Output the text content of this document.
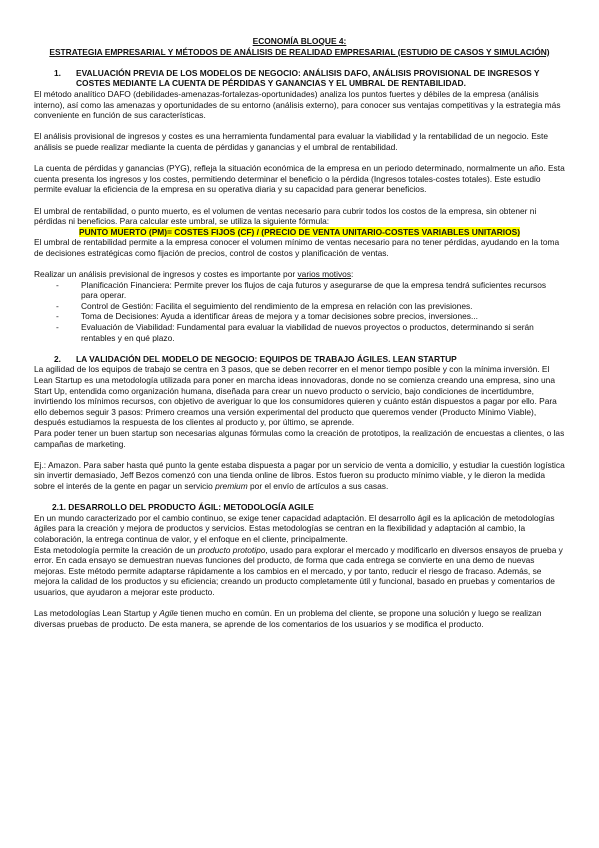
ECONOMÍA BLOQUE 4:

ESTRATEGIA EMPRESARIAL Y MÉTODOS DE ANÁLISIS DE REALIDAD EMPRESARIAL (ESTUDIO DE CASOS Y SIMULACIÓN)

1.	EVALUACIÓN PREVIA DE LOS MODELOS DE NEGOCIO: ANÁLISIS DAFO, ANÁLISIS PROVISIONAL DE INGRESOS Y COSTES MEDIANTE LA CUENTA DE PÉRDIDAS Y GANANCIAS Y EL UMBRAL DE RENTABILIDAD.

El método analítico DAFO (debilidades-amenazas-fortalezas-oportunidades) analiza los puntos fuertes y débiles de la empresa (análisis interno), así como las amenazas y oportunidades de su entorno (análisis externo), para conocer sus ventajas competitivas y la estrategia más conveniente en función de sus características.

El análisis provisional de ingresos y costes es una herramienta fundamental para evaluar la viabilidad y la rentabilidad de un negocio. Este análisis se puede realizar mediante la cuenta de pérdidas y ganancias y el umbral de rentabilidad.

La cuenta de pérdidas y ganancias (PYG), refleja la situación económica de la empresa en un periodo determinado, normalmente un año. Esta cuenta presenta los ingresos y los costes, permitiendo determinar el beneficio o la pérdida (Ingresos totales-costes totales). Este estudio permite evaluar la eficiencia de la empresa en su operativa diaria y su capacidad para generar beneficios.

El umbral de rentabilidad, o punto muerto, es el volumen de ventas necesario para cubrir todos los costos de la empresa, sin obtener ni pérdidas ni beneficios. Para calcular este umbral, se utiliza la siguiente fórmula:

PUNTO MUERTO (PM)= COSTES FIJOS (CF) / (PRECIO DE VENTA UNITARIO-COSTES VARIABLES UNITARIOS)

El umbral de rentabilidad permite a la empresa conocer el volumen mínimo de ventas necesario para no tener pérdidas, ayudando en la toma de decisiones estratégicas como fijación de precios, control de costos y planificación de ventas.

Realizar un análisis previsional de ingresos y costes es importante por varios motivos:

-	Planificación Financiera: Permite prever los flujos de caja futuros y asegurarse de que la empresa tendrá suficientes recursos para operar.
-	Control de Gestión: Facilita el seguimiento del rendimiento de la empresa en relación con las previsiones.
-	Toma de Decisiones: Ayuda a identificar áreas de mejora y a tomar decisiones sobre precios, inversiones...
-	Evaluación de Viabilidad: Fundamental para evaluar la viabilidad de nuevos proyectos o productos, determinando si serán rentables y en qué plazo.
2.	LA VALIDACIÓN DEL MODELO DE NEGOCIO: EQUIPOS DE TRABAJO ÁGILES. LEAN STARTUP

La agilidad de los equipos de trabajo se centra en 3 pasos, que se deben recorrer en el menor tiempo posible y con la mínima inversión. El Lean Startup es una metodología utilizada para poner en marcha ideas innovadoras, donde no se comienza creando una empresa, sino una Start Up, entendida como organización humana, diseñada para crear un nuevo producto o servicio, bajo condiciones de incertidumbre, invirtiendo los mínimos recursos, con objetivo de averiguar lo que los consumidores quieren y cuánto están dispuestos a pagar por ello. Para ello debemos seguir 3 pasos: Primero creamos una versión experimental del producto que queremos vender (Producto Mínimo Viable), después estudiamos la respuesta de los clientes al producto y, por último, se aprende.

Para poder tener un buen startup son necesarias algunas fórmulas como la creación de prototipos, la realización de encuestas a clientes, o las campañas de marketing.

Ej.: Amazon. Para saber hasta qué punto la gente estaba dispuesta a pagar por un servicio de venta a domicilio, y estudiar la cuestión logística sin invertir demasiado, Jeff Bezos comenzó con una tienda online de libros. Estos fueron su producto mínimo viable, y le dieron la medida sobre el interés de la gente en pagar un servicio premium por el envío de artículos a sus casas.

2.1. DESARROLLO DEL PRODUCTO ÁGIL: METODOLOGÍA AGILE

En un mundo caracterizado por el cambio continuo, se exige tener capacidad adaptación. El desarrollo ágil es la aplicación de metodologías ágiles para la creación y mejora de productos y servicios. Estas metodologías se centran en la flexibilidad y adaptación al cambio, la colaboración, la entrega continua de valor, y el enfoque en el cliente, principalmente.

Esta metodología permite la creación de un producto prototipo, usado para explorar el mercado y modificarlo en diversos ensayos de prueba y error. En cada ensayo se demuestran nuevas funciones del producto, de forma que cada entrega se convierte en una demo de nuevas mejoras. Este método permite adaptarse rápidamente a los cambios en el mercado, y por tanto, reducir el riesgo de fracaso. Además, se mejora la calidad de los productos y su eficiencia; creando un producto completamente útil y funcional, basado en pruebas y comentarios de usuarios, que ayudaron a mejorar este producto.

Las metodologías Lean Startup y Agile tienen mucho en común. En un problema del cliente, se propone una solución y luego se realizan diversas pruebas de producto. De esta manera, se aprende de los comentarios de los usuarios y se modifica el producto.
